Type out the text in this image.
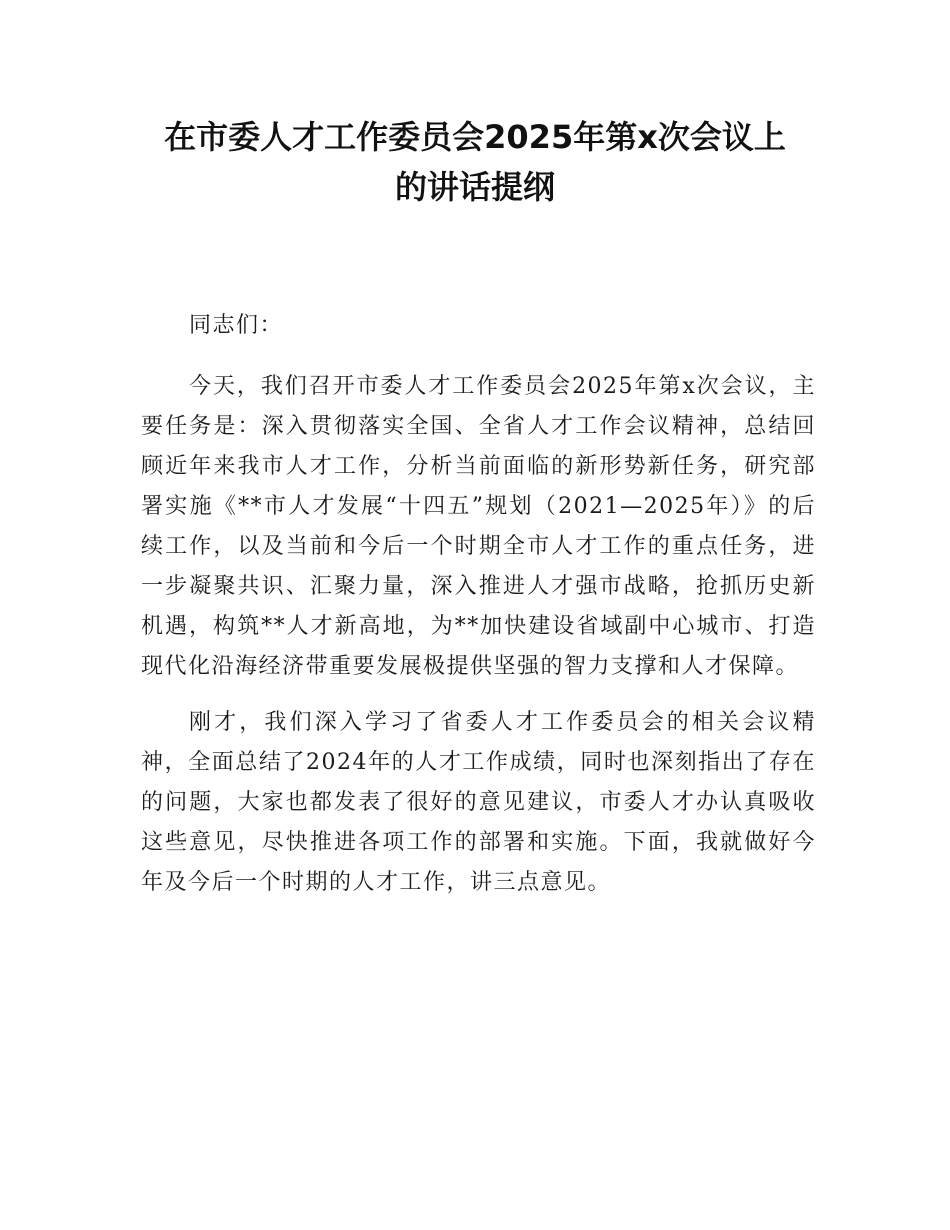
在市委人才工作委员会2025年第x次会议上
的讲话提纲

同志们：

今天，我们召开市委人才工作委员会2025年第x次会议，主要任务是：深入贯彻落实全国、全省人才工作会议精神，总结回顾近年来我市人才工作，分析当前面临的新形势新任务，研究部署实施《**市人才发展“十四五”规划（2021—2025年）》的后续工作，以及当前和今后一个时期全市人才工作的重点任务，进一步凝聚共识、汇聚力量，深入推进人才强市战略，抢抓历史新机遇，构筑**人才新高地，为**加快建设省域副中心城市、打造现代化沿海经济带重要发展极提供坚强的智力支撑和人才保障。

刚才，我们深入学习了省委人才工作委员会的相关会议精神，全面总结了2024年的人才工作成绩，同时也深刻指出了存在的问题，大家也都发表了很好的意见建议，市委人才办认真吸收这些意见，尽快推进各项工作的部署和实施。下面，我就做好今年及今后一个时期的人才工作，讲三点意见。
